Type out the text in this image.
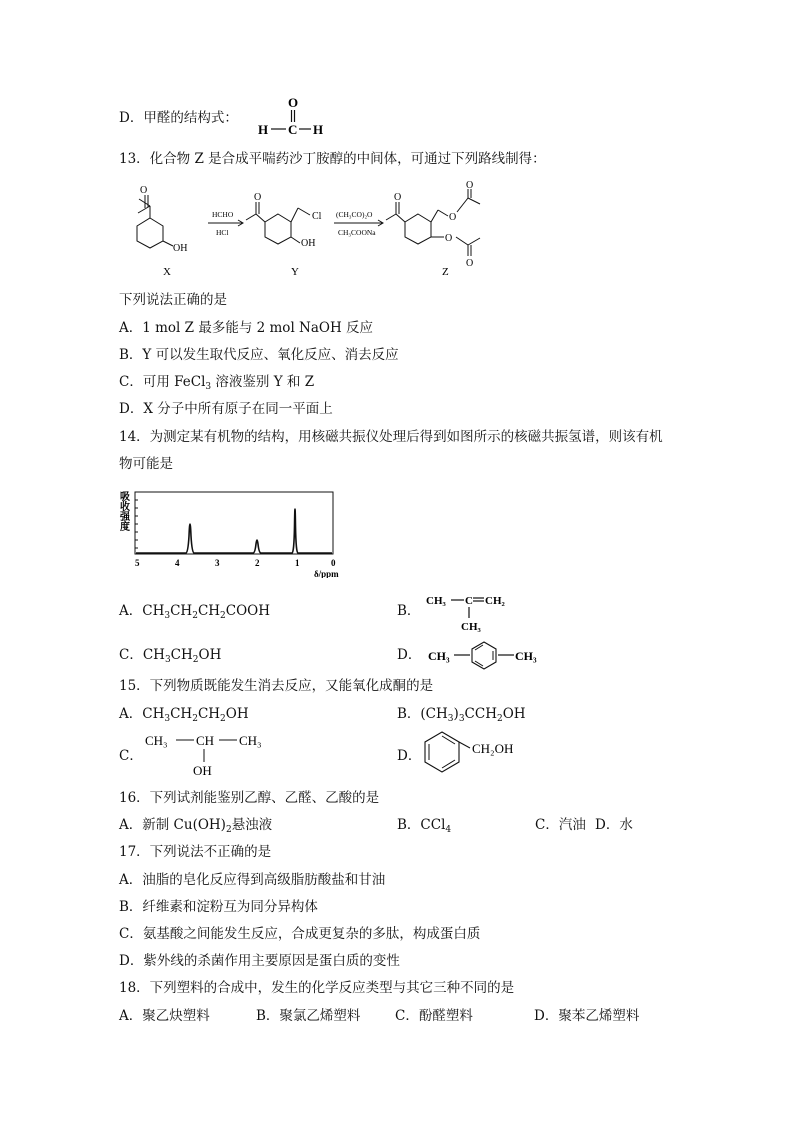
D．甲醛的结构式：
O
H C H
13．化合物 Z 是合成平喘药沙丁胺醇的中间体，可通过下列路线制得：
O
OH
HCHO
HCl
O
Cl
OH
(CH₃CO)₂O
CH₃COONa
O
O
O
O
O
X	Y	Z
下列说法正确的是
A．1 mol Z 最多能与 2 mol NaOH 反应
B．Y 可以发生取代反应、氧化反应、消去反应
C．可用 FeCl$_3$ 溶液鉴别 Y 和 Z
D．X 分子中所有原子在同一平面上
14．为测定某有机物的结构，用核磁共振仪处理后得到如图所示的核磁共振氢谱，则该有机
物可能是
吸
收
强
度
5	4	3	2	1	0
δ/ppm
A．$CH_3CH_2CH_2COOH$	B．
CH₃ C CH₂
CH₃
C．$CH_3CH_2OH$	D． CH₃	CH₃
15．下列物质既能发生消去反应，又能氧化成酮的是
A．$CH_3CH_2CH_2OH$	B．$(CH_3)_3CCH_2OH$
C．
CH₃ CH CH₃
OH
D．	CH₂OH
16．下列试剂能鉴别乙醇、乙醛、乙酸的是
A．新制 $Cu(OH)_2$悬浊液	B．CCl$_4$	C．汽油 D．水
17．下列说法不正确的是
A．油脂的皂化反应得到高级脂肪酸盐和甘油
B．纤维素和淀粉互为同分异构体
C．氨基酸之间能发生反应，合成更复杂的多肽，构成蛋白质
D．紫外线的杀菌作用主要原因是蛋白质的变性
18．下列塑料的合成中，发生的化学反应类型与其它三种不同的是
A．聚乙炔塑料	B．聚氯乙烯塑料	C．酚醛塑料	D．聚苯乙烯塑料
